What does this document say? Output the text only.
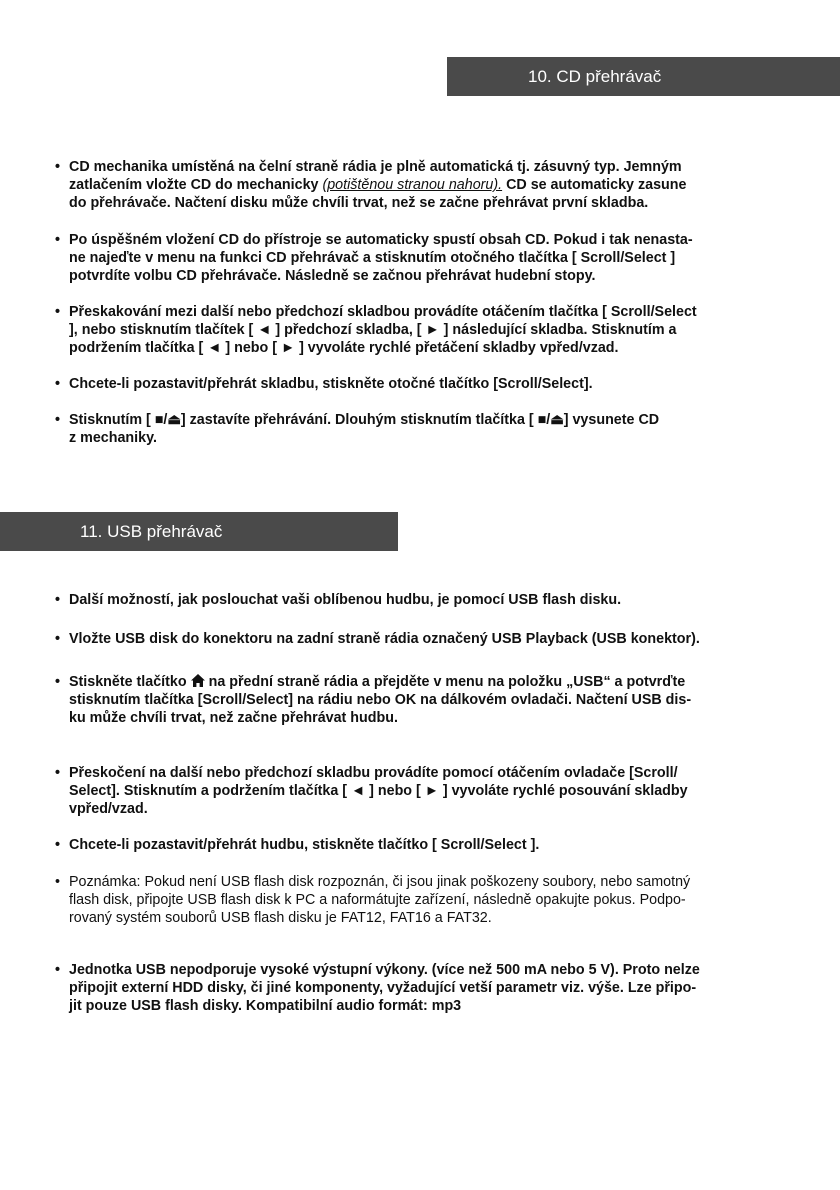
10. CD přehrávač
• CD mechanika umístěná na čelní straně rádia je plně automatická tj. zásuvný typ. Jemným
zatlačením vložte CD do mechanicky (potištěnou stranou nahoru). CD se automaticky zasune
do přehrávače. Načtení disku může chvíli trvat, než se začne přehrávat první skladba.
• Po úspěšném vložení CD do přístroje se automaticky spustí obsah CD. Pokud i tak nenasta-
ne najeďte v menu na funkci CD přehrávač a stisknutím otočného tlačítka [ Scroll/Select ]
potvrdíte volbu CD přehrávače. Následně se začnou přehrávat hudební stopy.
• Přeskakování mezi další nebo předchozí skladbou provádíte otáčením tlačítka [ Scroll/Select
], nebo stisknutím tlačítek [ ◄ ] předchozí skladba, [ ► ] následující skladba. Stisknutím a
podržením tlačítka [ ◄ ] nebo [ ► ] vyvoláte rychlé přetáčení skladby vpřed/vzad.
• Chcete-li pozastavit/přehrát skladbu, stiskněte otočné tlačítko [Scroll/Select].
• Stisknutím [ ■/⏏] zastavíte přehrávání. Dlouhým stisknutím tlačítka [ ■/⏏] vysunete CD
z mechaniky.
11. USB přehrávač
• Další možností, jak poslouchat vaši oblíbenou hudbu, je pomocí USB flash disku.
• Vložte USB disk do konektoru na zadní straně rádia označený USB Playback (USB konektor).
• Stiskněte tlačítko na přední straně rádia a přejděte v menu na položku „USB“ a potvrďte
stisknutím tlačítka [Scroll/Select] na rádiu nebo OK na dálkovém ovladači. Načtení USB dis-
ku může chvíli trvat, než začne přehrávat hudbu.
• Přeskočení na další nebo předchozí skladbu provádíte pomocí otáčením ovladače [Scroll/
Select]. Stisknutím a podržením tlačítka [ ◄ ] nebo [ ► ] vyvoláte rychlé posouvání skladby
vpřed/vzad.
• Chcete-li pozastavit/přehrát hudbu, stiskněte tlačítko [ Scroll/Select ].
• Poznámka: Pokud není USB flash disk rozpoznán, či jsou jinak poškozeny soubory, nebo samotný
flash disk, připojte USB flash disk k PC a naformátujte zařízení, následně opakujte pokus. Podpo-
rovaný systém souborů USB flash disku je FAT12, FAT16 a FAT32.
• Jednotka USB nepodporuje vysoké výstupní výkony. (více než 500 mA nebo 5 V). Proto nelze
připojit externí HDD disky, či jiné komponenty, vyžadující vetší parametr viz. výše. Lze připo-
jit pouze USB flash disky. Kompatibilní audio formát: mp3
